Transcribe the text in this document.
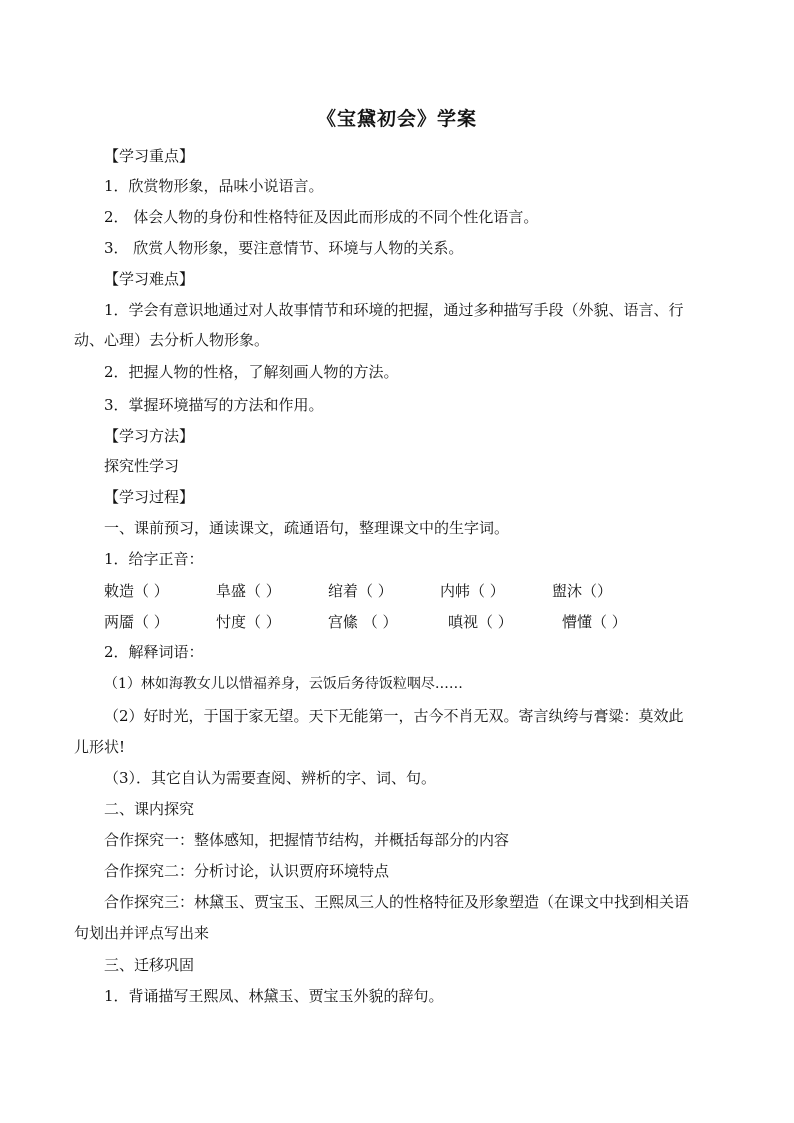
《宝黛初会》学案
【学习重点】
1．欣赏物形象，品味小说语言。
2． 体会人物的身份和性格特征及因此而形成的不同个性化语言。
3． 欣赏人物形象，要注意情节、环境与人物的关系。
【学习难点】
1．学会有意识地通过对人故事情节和环境的把握，通过多种描写手段（外貌、语言、行
动、心理）去分析人物形象。
2．把握人物的性格，了解刻画人物的方法。
3．掌握环境描写的方法和作用。
【学习方法】
探究性学习
【学习过程】
一、课前预习，通读课文，疏通语句，整理课文中的生字词。
1．给字正音：
敕造（ ）	阜盛（ ）	绾着（ ）	内帏（ ）	盥沐（）
两靥（ ）	忖度（ ）	宫絛 （ ）	嗔视（ ）	懵懂（ ）
2．解释词语：
（1）林如海教女儿以惜福养身，云饭后务待饭粒咽尽……
（2）好时光，于国于家无望。天下无能第一，古今不肖无双。寄言纨绔与膏粱：莫效此
儿形状!
（3）．其它自认为需要查阅、辨析的字、词、句。
二、课内探究
合作探究一：整体感知，把握情节结构，并概括每部分的内容
合作探究二：分析讨论，认识贾府环境特点
合作探究三：林黛玉、贾宝玉、王熙凤三人的性格特征及形象塑造（在课文中找到相关语
句划出并评点写出来
三、迁移巩固
1．背诵描写王熙凤、林黛玉、贾宝玉外貌的辞句。
